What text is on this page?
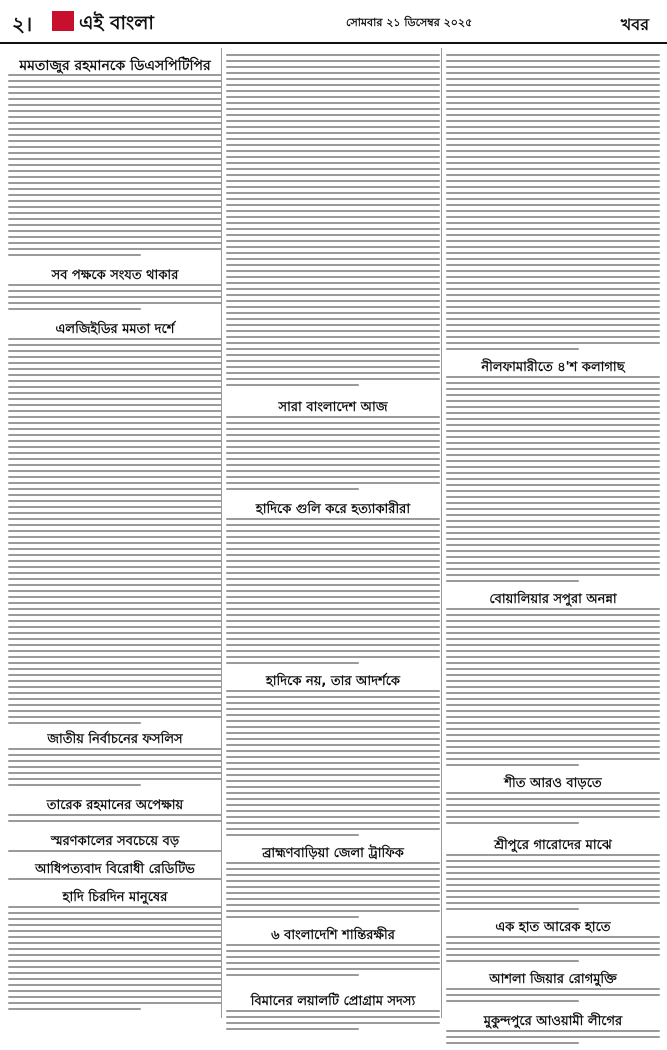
২। এই বাংলা	সোমবার ২১ ডিসেম্বর ২০২৫	খবর
মমতাজুর রহমানকে ডিএসপিটিপির
সব পক্ষকে সংযত থাকার
এলজিইডির মমতা দর্শে
জাতীয় নির্বাচনের ফসলিস
তারেক রহমানের অপেক্ষায়
স্মরণকালের সবচেয়ে বড়
আধিপত্যবাদ বিরোধী রেডিটিভ
হাদি চিরদিন মানুষের
সারা বাংলাদেশ আজ
হাদিকে গুলি করে হত্যাকারীরা
হাদিকে নয়, তার আদর্শকে
ব্রাহ্মণবাড়িয়া জেলা ট্রাফিক
৬ বাংলাদেশি শান্তিরক্ষীর
বিমানের লয়ালটি প্রোগ্রাম সদস্য
নীলফামারীতে ৪'শ কলাগাছ
বোয়ালিয়ার সপুরা অনন্না
শীত আরও বাড়তে
শ্রীপুরে গারোদের মাঝে
এক হাত আরেক হাতে
আশলা জিয়ার রোগমুক্তি
মুকুন্দপুরে আওয়ামী লীগের
